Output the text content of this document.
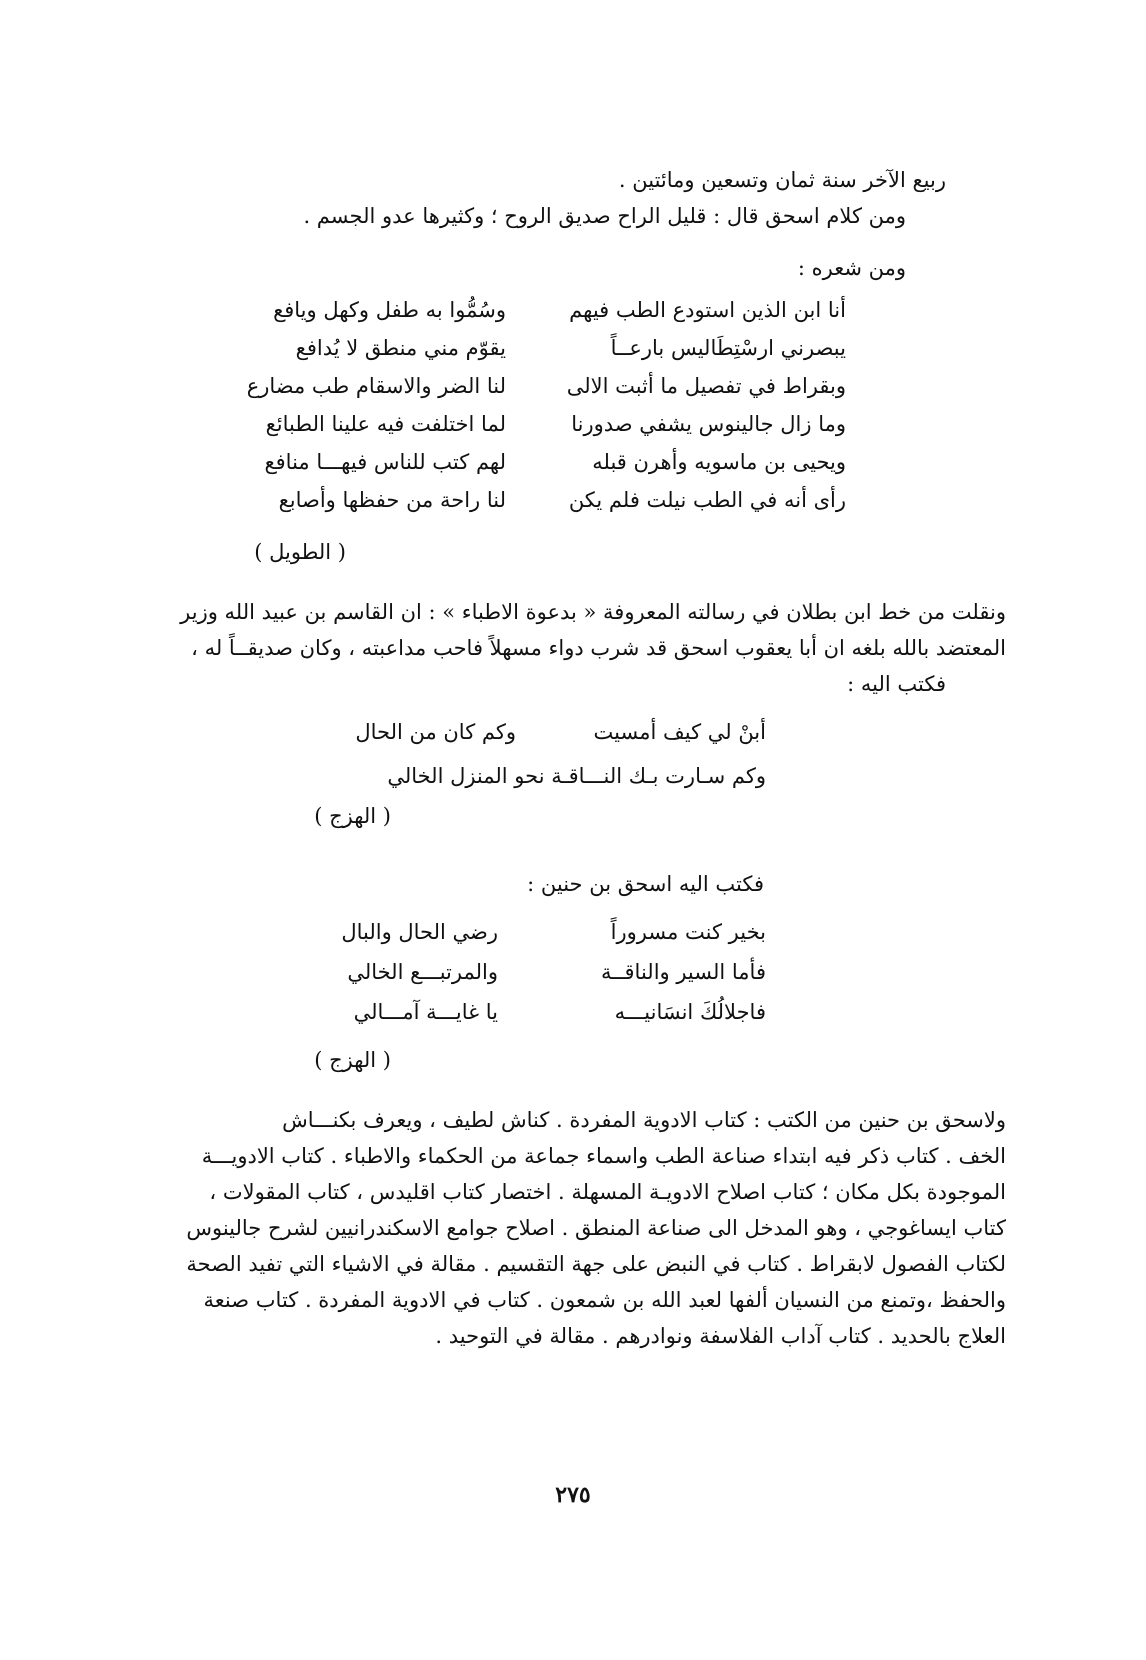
ربيع الآخر سنة ثمان وتسعين ومائتين .
ومن كلام اسحق قال : قليل الراح صديق الروح ؛ وكثيرها عدو الجسم .
ومن شعره :
أنا ابن الذين استودع الطب فيهم
وسُمُّوا به طفل وكهل ويافع
يبصرني ارسْتِطَاليس بارعــاً
يقوّم مني منطق لا يُدافع
وبقراط في تفصيل ما أثبت الالى
لنا الضر والاسقام طب مضارع
وما زال جالينوس يشفي صدورنا
لما اختلفت فيه علينا الطبائع
ويحيى بن ماسويه وأهرن قبله
لهم كتب للناس فيهـــا منافع
رأى أنه في الطب نيلت فلم يكن
لنا راحة من حفظها وأصابع
( الطويل )
ونقلت من خط ابن بطلان في رسالته المعروفة « بدعوة الاطباء » : ان القاسم بن عبيد الله وزير
المعتضد بالله بلغه ان أبا يعقوب اسحق قد شرب دواء مسهلاً فاحب مداعبته ، وكان صديقــاً له ،
فكتب اليه :
أبنْ لي كيف أمسيت
وكم كان من الحال
وكم سـارت بـك النـــاقـة نحو المنزل الخالي
( الهزج )
فكتب اليه اسحق بن حنين :
بخير كنت مسروراً
رضي الحال والبال
فأما السير والناقــة
والمرتبـــع الخالي
فاجلالُكَ انسَانيـــه
يا غايـــة آمـــالي
( الهزج )
ولاسحق بن حنين من الكتب : كتاب الادوية المفردة . كناش لطيف ، ويعرف بكنـــاش
الخف . كتاب ذكر فيه ابتداء صناعة الطب واسماء جماعة من الحكماء والاطباء . كتاب الادويـــة
الموجودة بكل مكان ؛ كتاب اصلاح الادويـة المسهلة . اختصار كتاب اقليدس ، كتاب المقولات ،
كتاب ايساغوجي ، وهو المدخل الى صناعة المنطق . اصلاح جوامع الاسكندرانيين لشرح جالينوس
لكتاب الفصول لابقراط . كتاب في النبض على جهة التقسيم . مقالة في الاشياء التي تفيد الصحة
والحفظ ،وتمنع من النسيان ألفها لعبد الله بن شمعون . كتاب في الادوية المفردة . كتاب صنعة
العلاج بالحديد . كتاب آداب الفلاسفة ونوادرهم . مقالة في التوحيد .
٢٧٥
